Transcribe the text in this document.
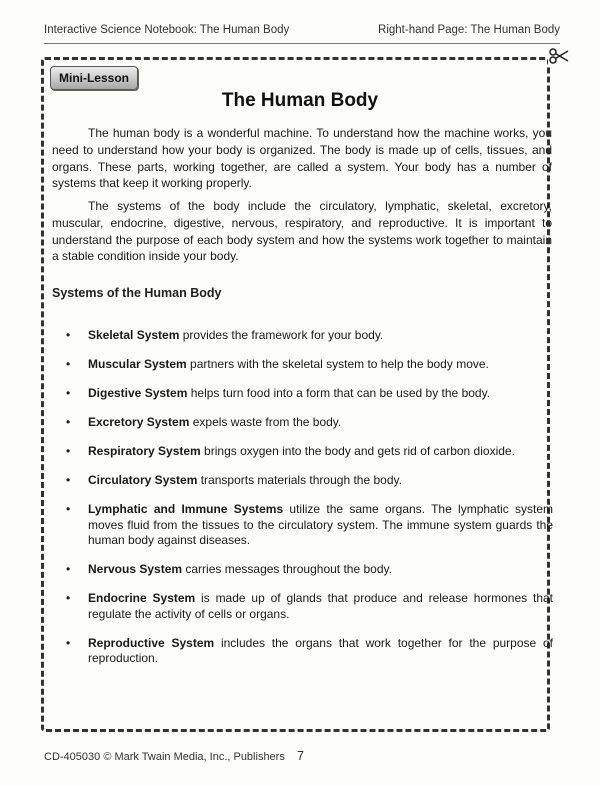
Interactive Science Notebook: The Human Body	Right-hand Page: The Human Body
Mini-Lesson
The Human Body

The human body is a wonderful machine. To understand how the machine works, you need to understand how your body is organized. The body is made up of cells, tissues, and organs. These parts, working together, are called a system. Your body has a number of systems that keep it working properly.

The systems of the body include the circulatory, lymphatic, skeletal, excretory, muscular, endocrine, digestive, nervous, respiratory, and reproductive. It is important to understand the purpose of each body system and how the systems work together to maintain a stable condition inside your body.

Systems of the Human Body
• Skeletal System provides the framework for your body.
• Muscular System partners with the skeletal system to help the body move.
• Digestive System helps turn food into a form that can be used by the body.
• Excretory System expels waste from the body.
• Respiratory System brings oxygen into the body and gets rid of carbon dioxide.
• Circulatory System transports materials through the body.
• Lymphatic and Immune Systems utilize the same organs. The lymphatic system moves fluid from the tissues to the circulatory system. The immune system guards the human body against diseases.
• Nervous System carries messages throughout the body.
• Endocrine System is made up of glands that produce and release hormones that regulate the activity of cells or organs.
• Reproductive System includes the organs that work together for the purpose of reproduction.
CD-405030 © Mark Twain Media, Inc., Publishers 7
